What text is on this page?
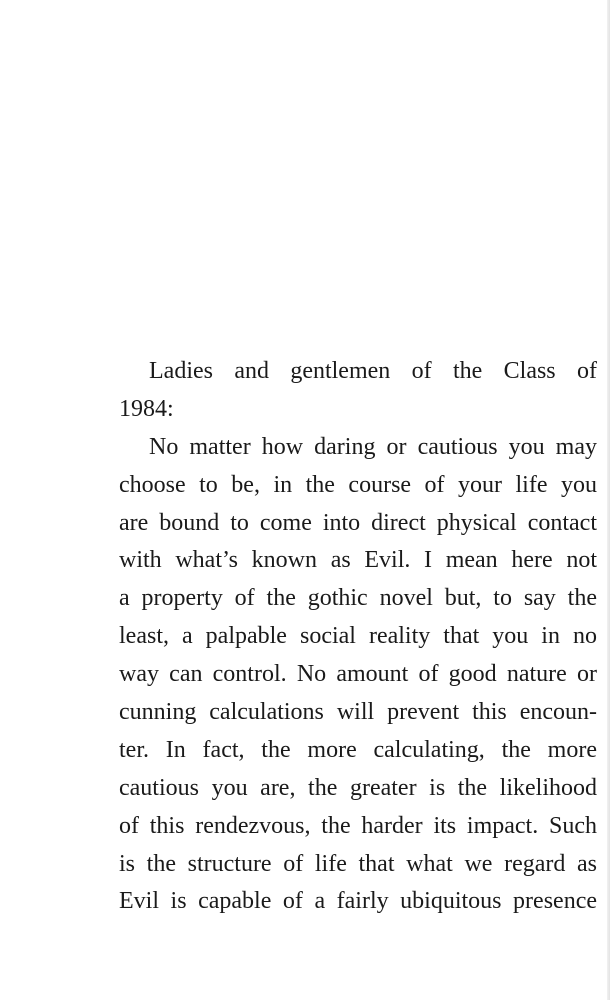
Ladies and gentlemen of the Class of
1984:
No matter how daring or cautious you may
choose to be, in the course of your life you
are bound to come into direct physical contact
with what’s known as Evil. I mean here not
a property of the gothic novel but, to say the
least, a palpable social reality that you in no
way can control. No amount of good nature or
cunning calculations will prevent this encoun-
ter. In fact, the more calculating, the more
cautious you are, the greater is the likelihood
of this rendezvous, the harder its impact. Such
is the structure of life that what we regard as
Evil is capable of a fairly ubiquitous presence
